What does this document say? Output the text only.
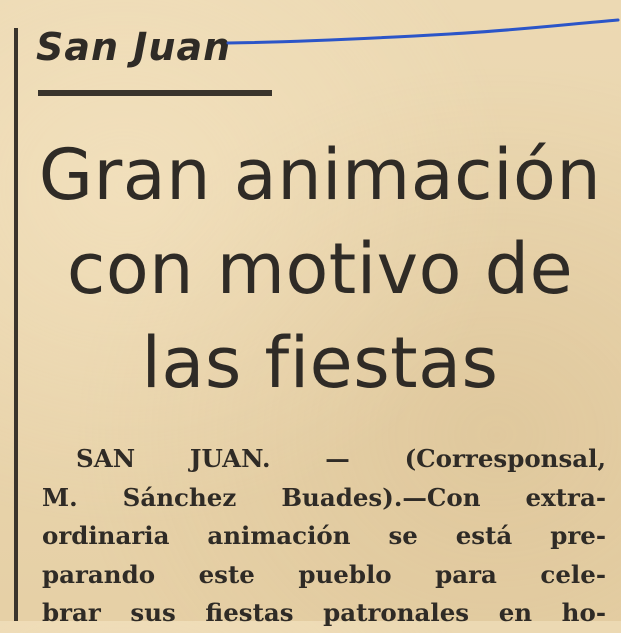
San Juan
Gran animación
con motivo de
las fiestas
SAN JUAN. — (Corresponsal,
M. Sánchez Buades).—Con extra-
ordinaria animación se está pre-
parando este pueblo para cele-
brar sus fiestas patronales en ho-
